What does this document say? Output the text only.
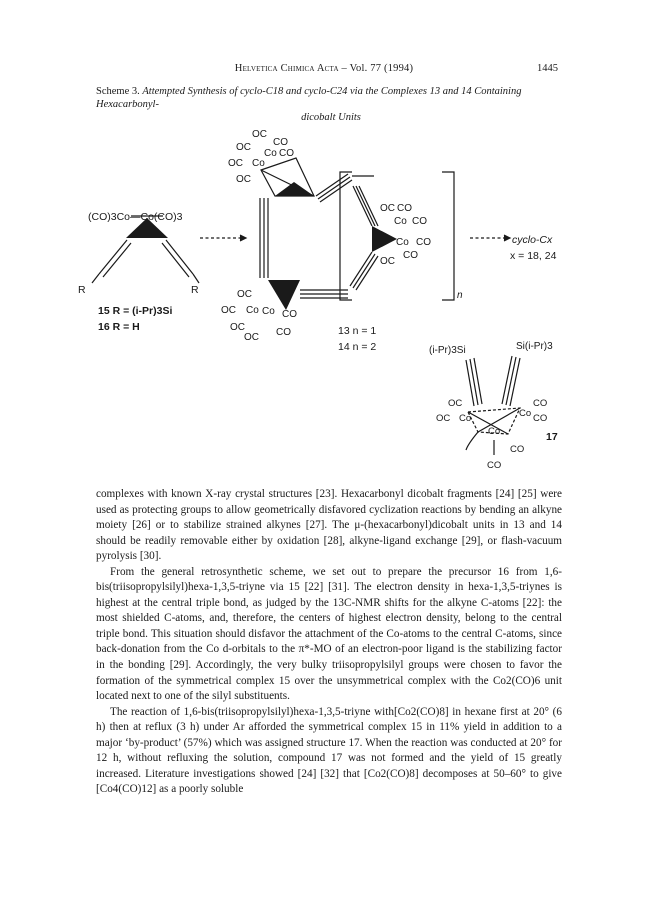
Helvetica Chimica Acta – Vol. 77 (1994)	1445
Scheme 3. Attempted Synthesis of cyclo-C18 and cyclo-C24 via the Complexes 13 and 14 Containing Hexacarbonyl-
dicobalt Units
(CO)3Co—Co(CO)3
R	R
15 R = (i-Pr)3Si
16 R = H
OC
CO
OC
Co CO
OC Co
OC
OC CO
Co CO
Co CO
CO
OC
n
OC
OC Co Co CO
OC
OC CO	13 n = 1
14 n = 2
cyclo-Cx
x = 18, 24
(i-Pr)3Si	Si(i-Pr)3
OC
OC Co
CO
Co CO
Co
CO
CO
17

complexes with known X-ray crystal structures [23]. Hexacarbonyl dicobalt fragments [24] [25] were used as protecting groups to allow geometrically disfavored cyclization reactions by bending an alkyne moiety [26] or to stabilize strained alkynes [27]. The μ-(hexacarbonyl)dicobalt units in 13 and 14 should be readily removable either by oxidation [28], alkyne-ligand exchange [29], or flash-vacuum pyrolysis [30].

From the general retrosynthetic scheme, we set out to prepare the precursor 16 from 1,6-bis(triisopropylsilyl)hexa-1,3,5-triyne via 15 [22] [31]. The electron density in hexa-1,3,5-triynes is highest at the central triple bond, as judged by the 13C-NMR shifts for the alkyne C-atoms [22]: the most shielded C-atoms, and, therefore, the centers of highest electron density, belong to the central triple bond. This situation should disfavor the attachment of the Co-atoms to the central C-atoms, since back-donation from the Co d-orbitals to the π*-MO of an electron-poor ligand is the stabilizing factor in the bonding [29]. Accordingly, the very bulky triisopropylsilyl groups were chosen to favor the formation of the symmetrical complex 15 over the unsymmetrical complex with the Co2(CO)6 unit located next to one of the silyl substituents.

The reaction of 1,6-bis(triisopropylsilyl)hexa-1,3,5-triyne with[Co2(CO)8] in hexane first at 20° (6 h) then at reflux (3 h) under Ar afforded the symmetrical complex 15 in 11% yield in addition to a major ‘by-product’ (57%) which was assigned structure 17. When the reaction was conducted at 20° for 12 h, without refluxing the solution, compound 17 was not formed and the yield of 15 greatly increased. Literature investigations showed [24] [32] that [Co2(CO)8] decomposes at 50–60° to give [Co4(CO)12] as a poorly soluble
